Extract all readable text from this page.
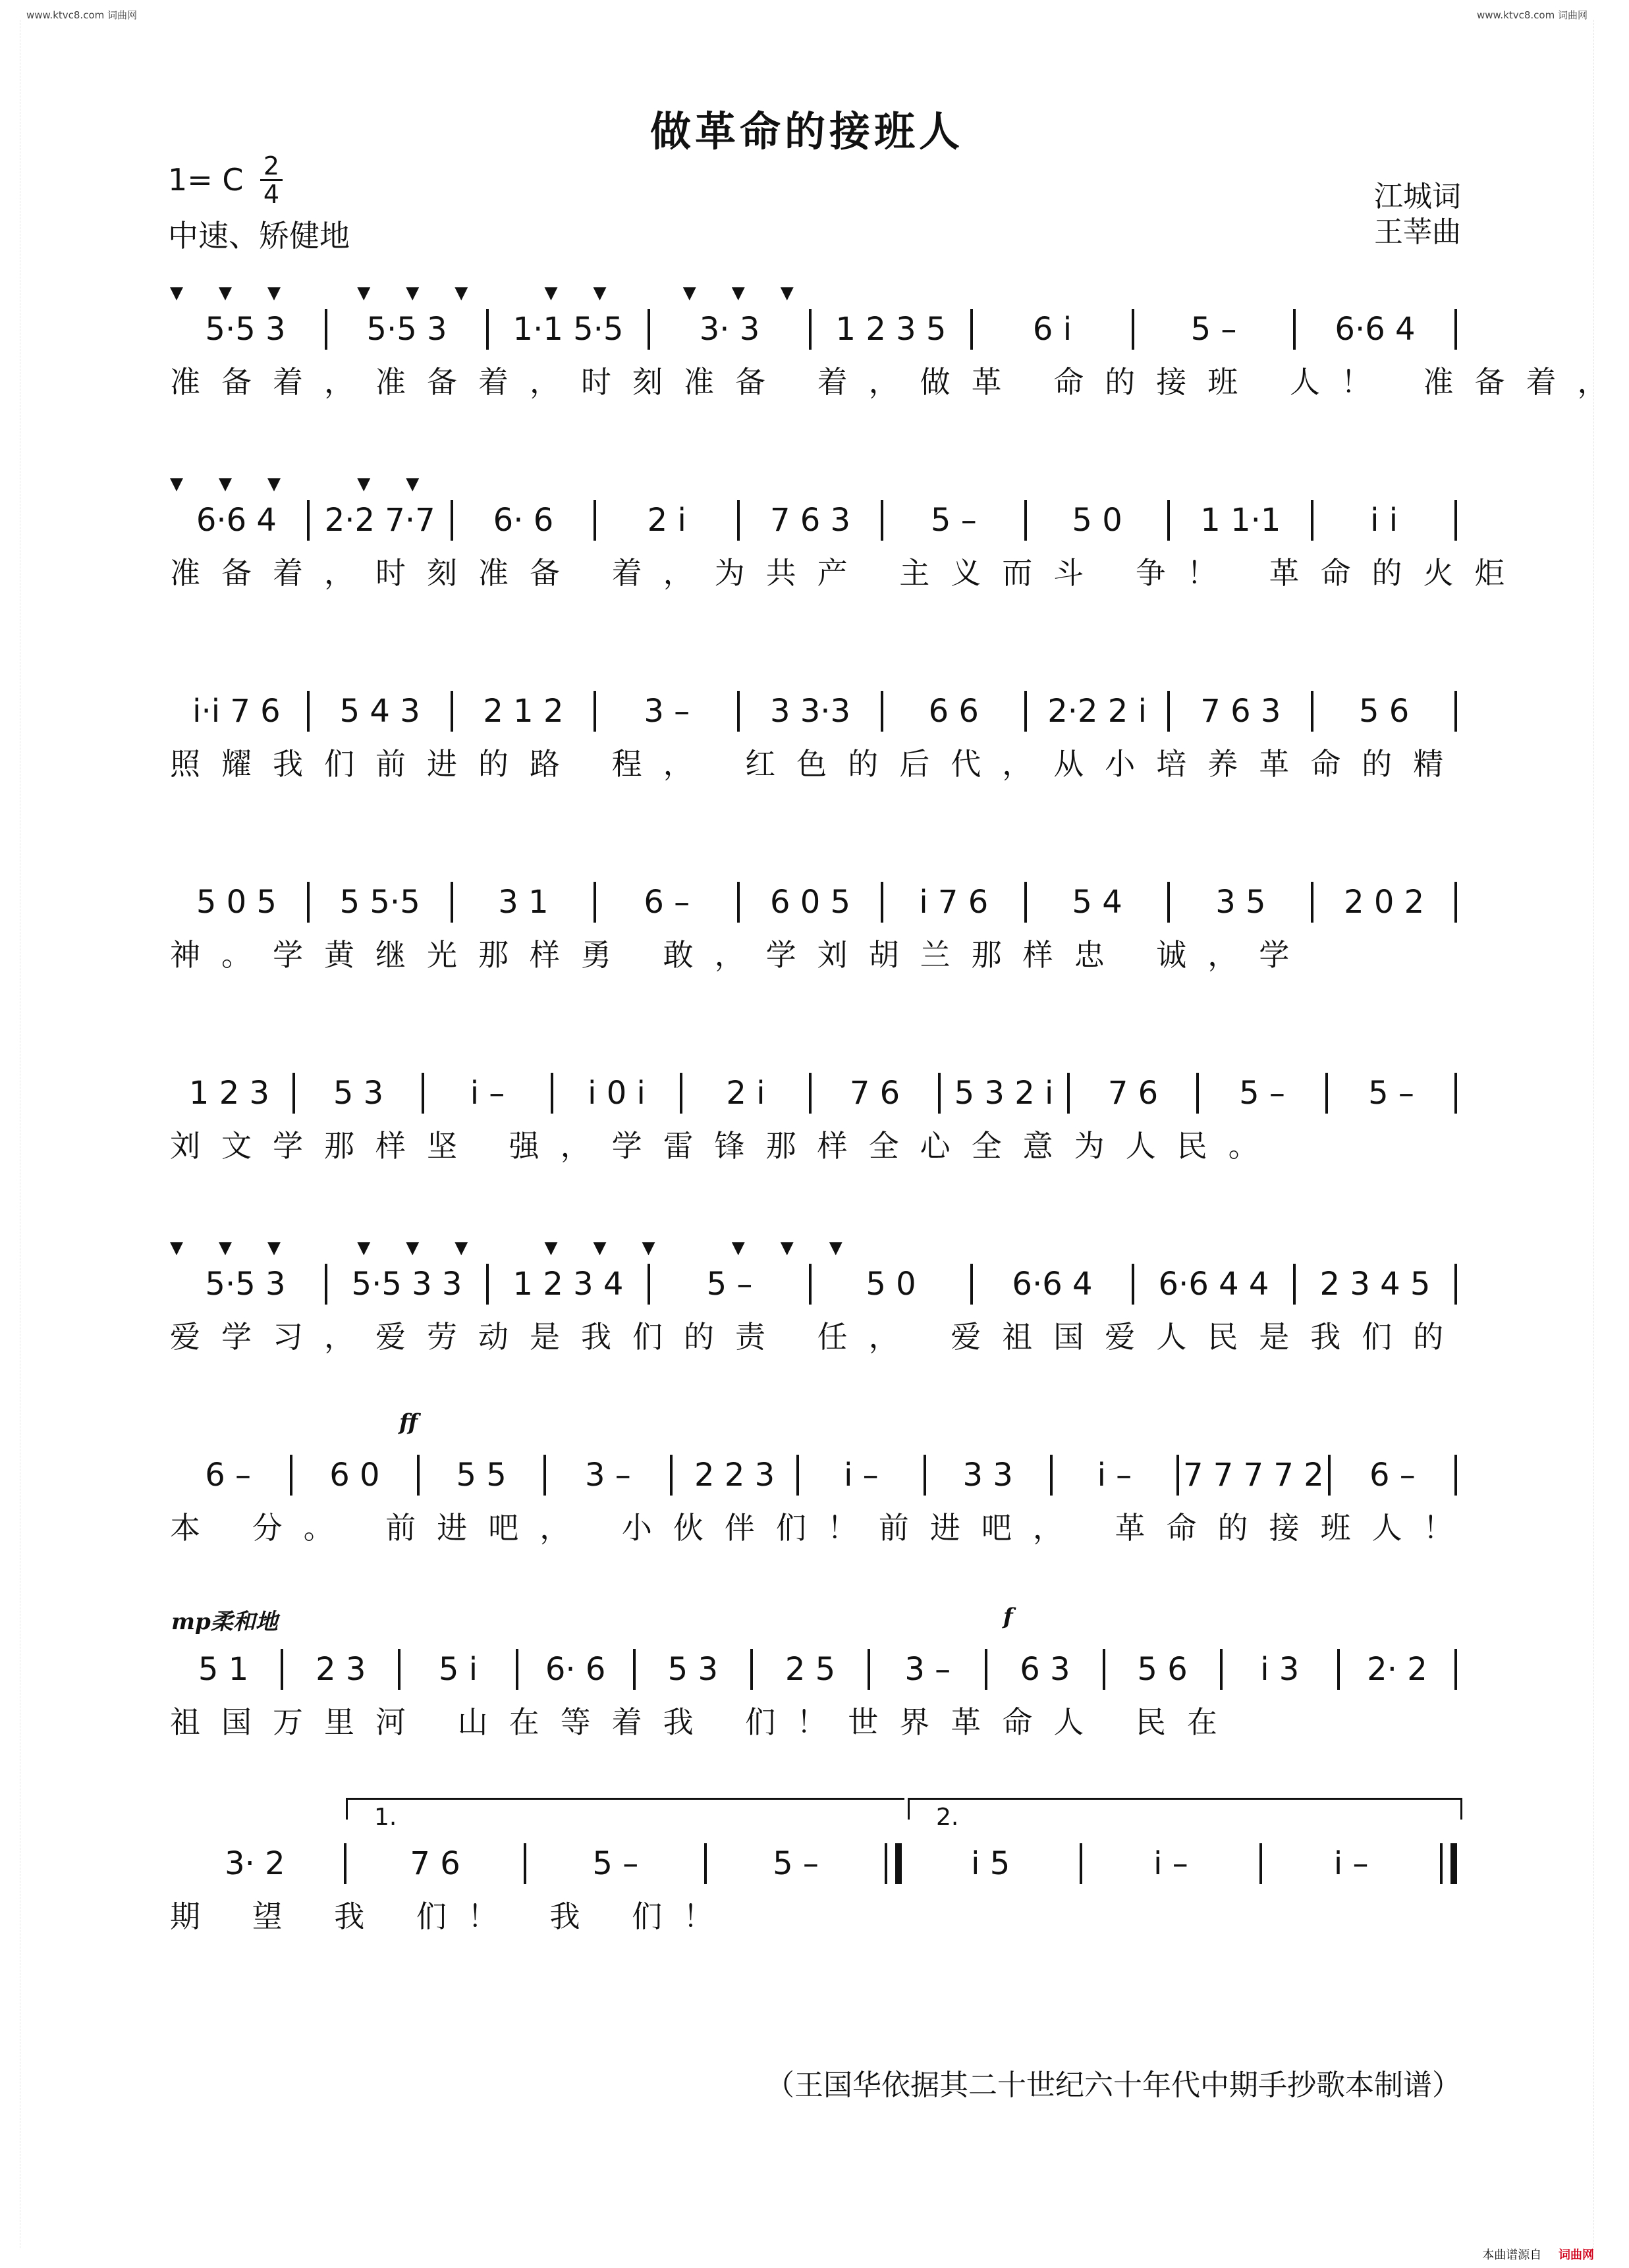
www.ktvc8.com 词曲网	www.ktvc8.com 词曲网
做革命的接班人
1= C $\frac{2}{4}$
中速、矫健地
江城词
王莘曲
▼▼▼ ▼▼▼ ▼▼ ▼▼▼
5·5 3	5·5 3	1·1 5·5	3· 3	1 2 3 5	6 i	5 –	6·6 4
准备着，准备着，时刻准备 着，做革 命的接班 人！ 准备着，
▼▼▼ ▼▼
6·6 4	2·2 7·7	6· 6	2 i	7 6 3	5 –	5 0	1 1·1	i i
准备着，时刻准备 着，为共产 主义而斗 争！ 革命的火炬
i·i 7 6	5 4 3	2 1 2	3 –	3 3·3	6 6	2·2 2 i	7 6 3	5 6
照耀我们前进的路 程， 红色的后代，从小培养革命的精
5 0 5	5 5·5	3 1	6 –	6 0 5	i 7 6	5 4	3 5	2 0 2
神。学黄继光那样勇 敢，学刘胡兰那样忠 诚，学
1 2 3	5 3	i –	i 0 i	2 i	7 6	5 3 2 i	7 6	5 –	5 –
刘文学那样坚 强，学雷锋那样全心全意为人民。
▼▼▼ ▼▼▼ ▼▼▼ ▼▼▼
5·5 3	5·5 3 3	1 2 3 4	5 –	5 0	6·6 4	6·6 4 4	2 3 4 5
爱学习，爱劳动是我们的责 任， 爱祖国爱人民是我们的
ff
6 –	6 0	5 5	3 –	2 2 3	i –	3 3	i –	7 7 7 7 2	6 –
本 分。 前进吧， 小伙伴们！前进吧， 革命的接班人！
mp柔和地	f
5 1	2 3	5 i	6· 6	5 3	2 5	3 –	6 3	5 6	i 3	2· 2
祖国万里河 山在等着我 们！世界革命人 民在
3· 2	7 6	5 –	5 –	i 5	i –	i –
期 望 我 们！ 我 们！
1.	2.
（王国华依据其二十世纪六十年代中期手抄歌本制谱）
本曲谱源自 词曲网
